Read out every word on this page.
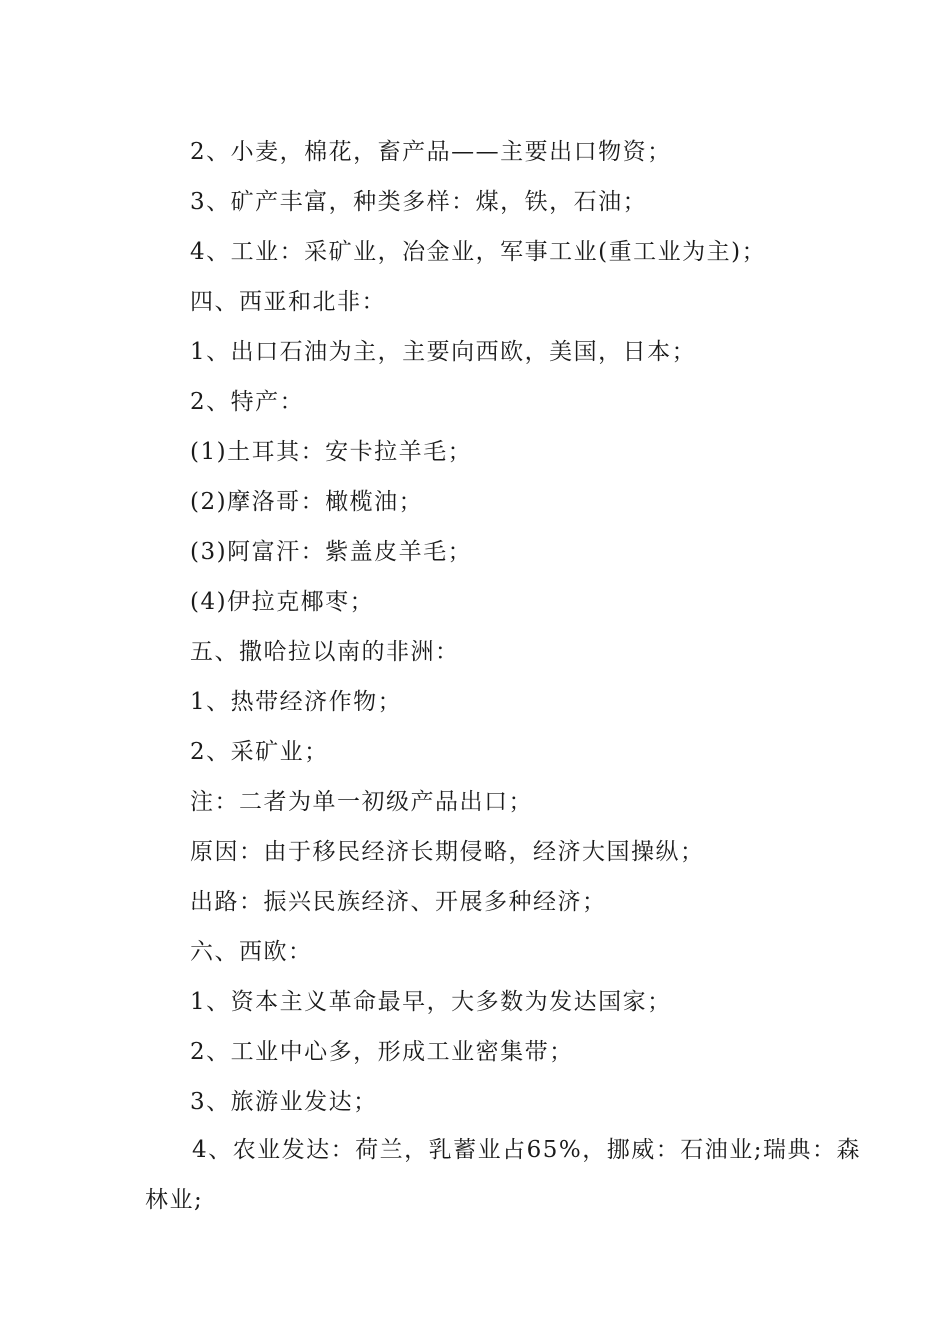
2、小麦，棉花，畜产品——主要出口物资；
3、矿产丰富，种类多样：煤，铁，石油；
4、工业：采矿业，冶金业，军事工业(重工业为主)；
四、西亚和北非：
1、出口石油为主，主要向西欧，美国，日本；
2、特产：
(1)土耳其：安卡拉羊毛；
(2)摩洛哥：橄榄油；
(3)阿富汗：紫盖皮羊毛；
(4)伊拉克椰枣；
五、撒哈拉以南的非洲：
1、热带经济作物；
2、采矿业；
注：二者为单一初级产品出口；
原因：由于移民经济长期侵略，经济大国操纵；
出路：振兴民族经济、开展多种经济；
六、西欧：
1、资本主义革命最早，大多数为发达国家；
2、工业中心多，形成工业密集带；
3、旅游业发达；
4、农业发达：荷兰，乳蓄业占65%，挪威：石油业;瑞典：森
林业;
